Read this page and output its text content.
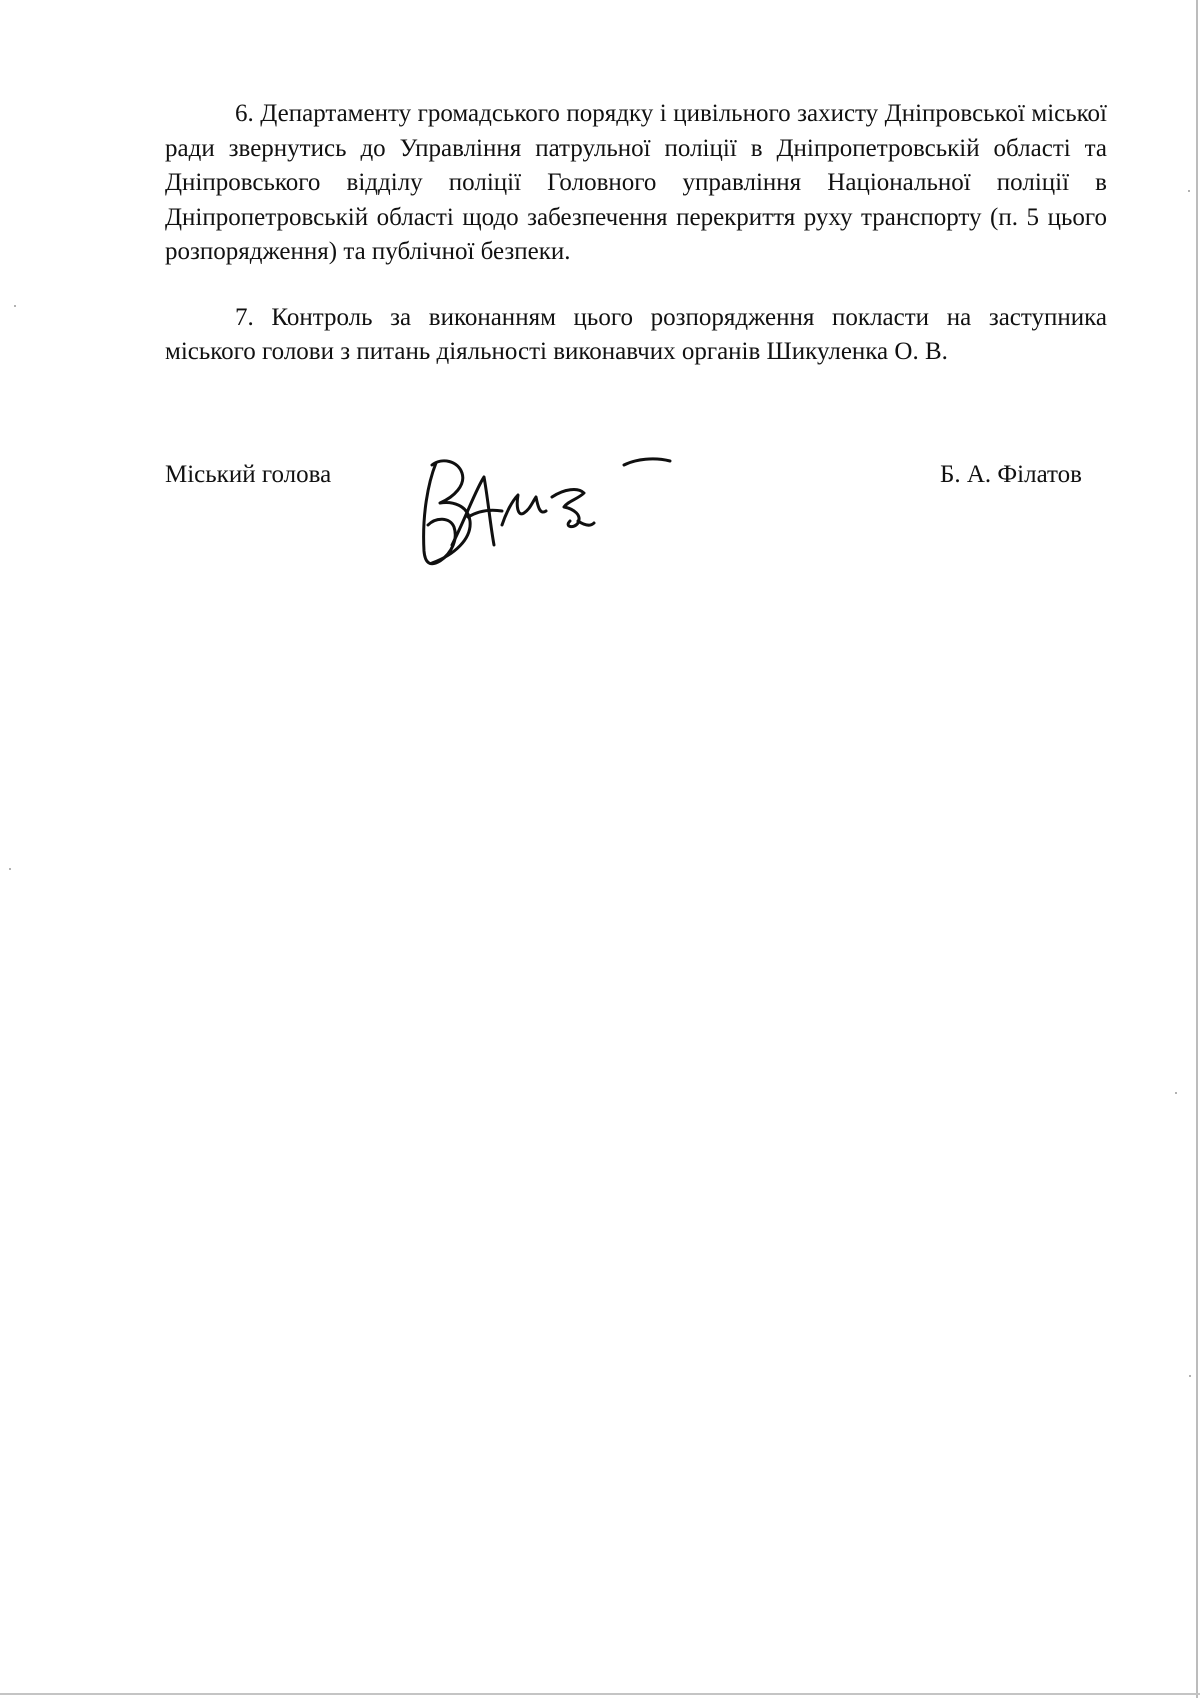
6. Департаменту громадського порядку і цивільного захисту Дніпровської міської ради звернутись до Управління патрульної поліції в Дніпропетровській області та Дніпровського відділу поліції Головного управління Національної поліції в Дніпропетровській області щодо забезпечення перекриття руху транспорту (п. 5 цього розпорядження) та публічної безпеки.

7. Контроль за виконанням цього розпорядження покласти на заступника міського голови з питань діяльності виконавчих органів Шикуленка О. В.

Міський голова	Б. А. Філатов
